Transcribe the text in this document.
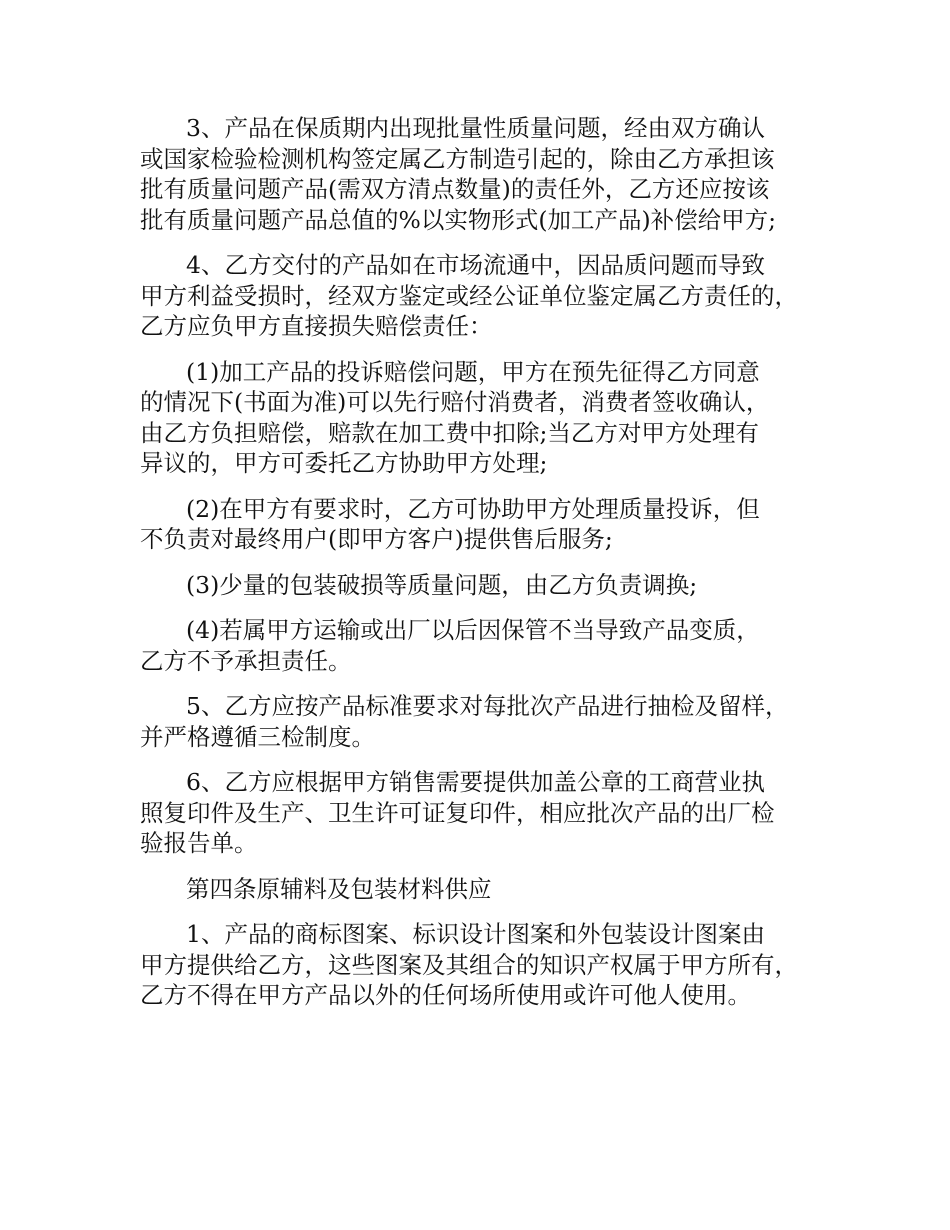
3、产品在保质期内出现批量性质量问题，经由双方确认
或国家检验检测机构签定属乙方制造引起的，除由乙方承担该
批有质量问题产品(需双方清点数量)的责任外，乙方还应按该
批有质量问题产品总值的%以实物形式(加工产品)补偿给甲方;

4、乙方交付的产品如在市场流通中，因品质问题而导致
甲方利益受损时，经双方鉴定或经公证单位鉴定属乙方责任的，
乙方应负甲方直接损失赔偿责任：

(1)加工产品的投诉赔偿问题，甲方在预先征得乙方同意
的情况下(书面为准)可以先行赔付消费者，消费者签收确认，
由乙方负担赔偿，赔款在加工费中扣除;当乙方对甲方处理有
异议的，甲方可委托乙方协助甲方处理;

(2)在甲方有要求时，乙方可协助甲方处理质量投诉，但
不负责对最终用户(即甲方客户)提供售后服务;

(3)少量的包装破损等质量问题，由乙方负责调换;

(4)若属甲方运输或出厂以后因保管不当导致产品变质，
乙方不予承担责任。

5、乙方应按产品标准要求对每批次产品进行抽检及留样，
并严格遵循三检制度。

6、乙方应根据甲方销售需要提供加盖公章的工商营业执
照复印件及生产、卫生许可证复印件，相应批次产品的出厂检
验报告单。

第四条原辅料及包装材料供应

1、产品的商标图案、标识设计图案和外包装设计图案由
甲方提供给乙方，这些图案及其组合的知识产权属于甲方所有，
乙方不得在甲方产品以外的任何场所使用或许可他人使用。
